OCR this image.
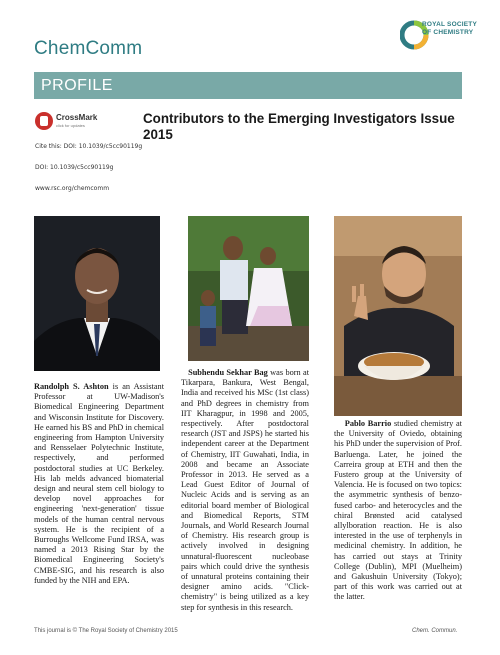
ChemComm
ROYAL SOCIETY
OF CHEMISTRY
PROFILE
CrossMark
click for updates
Cite this: DOI: 10.1039/c5cc90119g
DOI: 10.1039/c5cc90119g
www.rsc.org/chemcomm
Contributors to the Emerging Investigators Issue 2015

Randolph S. Ashton is an Assistant Professor at UW-Madison's Biomedical Engineering Department and Wisconsin Institute for Discovery. He earned his BS and PhD in chemical engineering from Hampton University and Rensselaer Polytechnic Institute, respectively, and performed postdoctoral studies at UC Berkeley. His lab melds advanced biomaterial design and neural stem cell biology to develop novel approaches for engineering 'next-generation' tissue models of the human central nervous system. He is the recipient of a Burroughs Wellcome Fund IRSA, was named a 2013 Rising Star by the Biomedical Engineering Society's CMBE-SIG, and his research is also funded by the NIH and EPA.

Subhendu Sekhar Bag was born at Tikarpara, Bankura, West Bengal, India and received his MSc (1st class) and PhD degrees in chemistry from IIT Kharagpur, in 1998 and 2005, respectively. After postdoctoral research (JST and JSPS) he started his independent career at the Department of Chemistry, IIT Guwahati, India, in 2008 and became an Associate Professor in 2013. He served as a Lead Guest Editor of Journal of Nucleic Acids and is serving as an editorial board member of Biological and Biomedical Reports, STM Journals, and World Research Journal of Chemistry. His research group is actively involved in designing unnatural-fluorescent nucleobase pairs which could drive the synthesis of unnatural proteins containing their designer amino acids. "Click-chemistry" is being utilized as a key step for synthesis in this research.

Pablo Barrio studied chemistry at the University of Oviedo, obtaining his PhD under the supervision of Prof. Barluenga. Later, he joined the Carreira group at ETH and then the Fustero group at the University of Valencia. He is focused on two topics: the asymmetric synthesis of benzo-fused carbo- and heterocycles and the chiral Brønsted acid catalysed allylboration reaction. He is also interested in the use of terphenyls in medicinal chemistry. In addition, he has carried out stays at Trinity College (Dublin), MPI (Muelheim) and Gakushuin University (Tokyo); part of this work was carried out at the latter.

This journal is © The Royal Society of Chemistry 2015	Chem. Commun.
